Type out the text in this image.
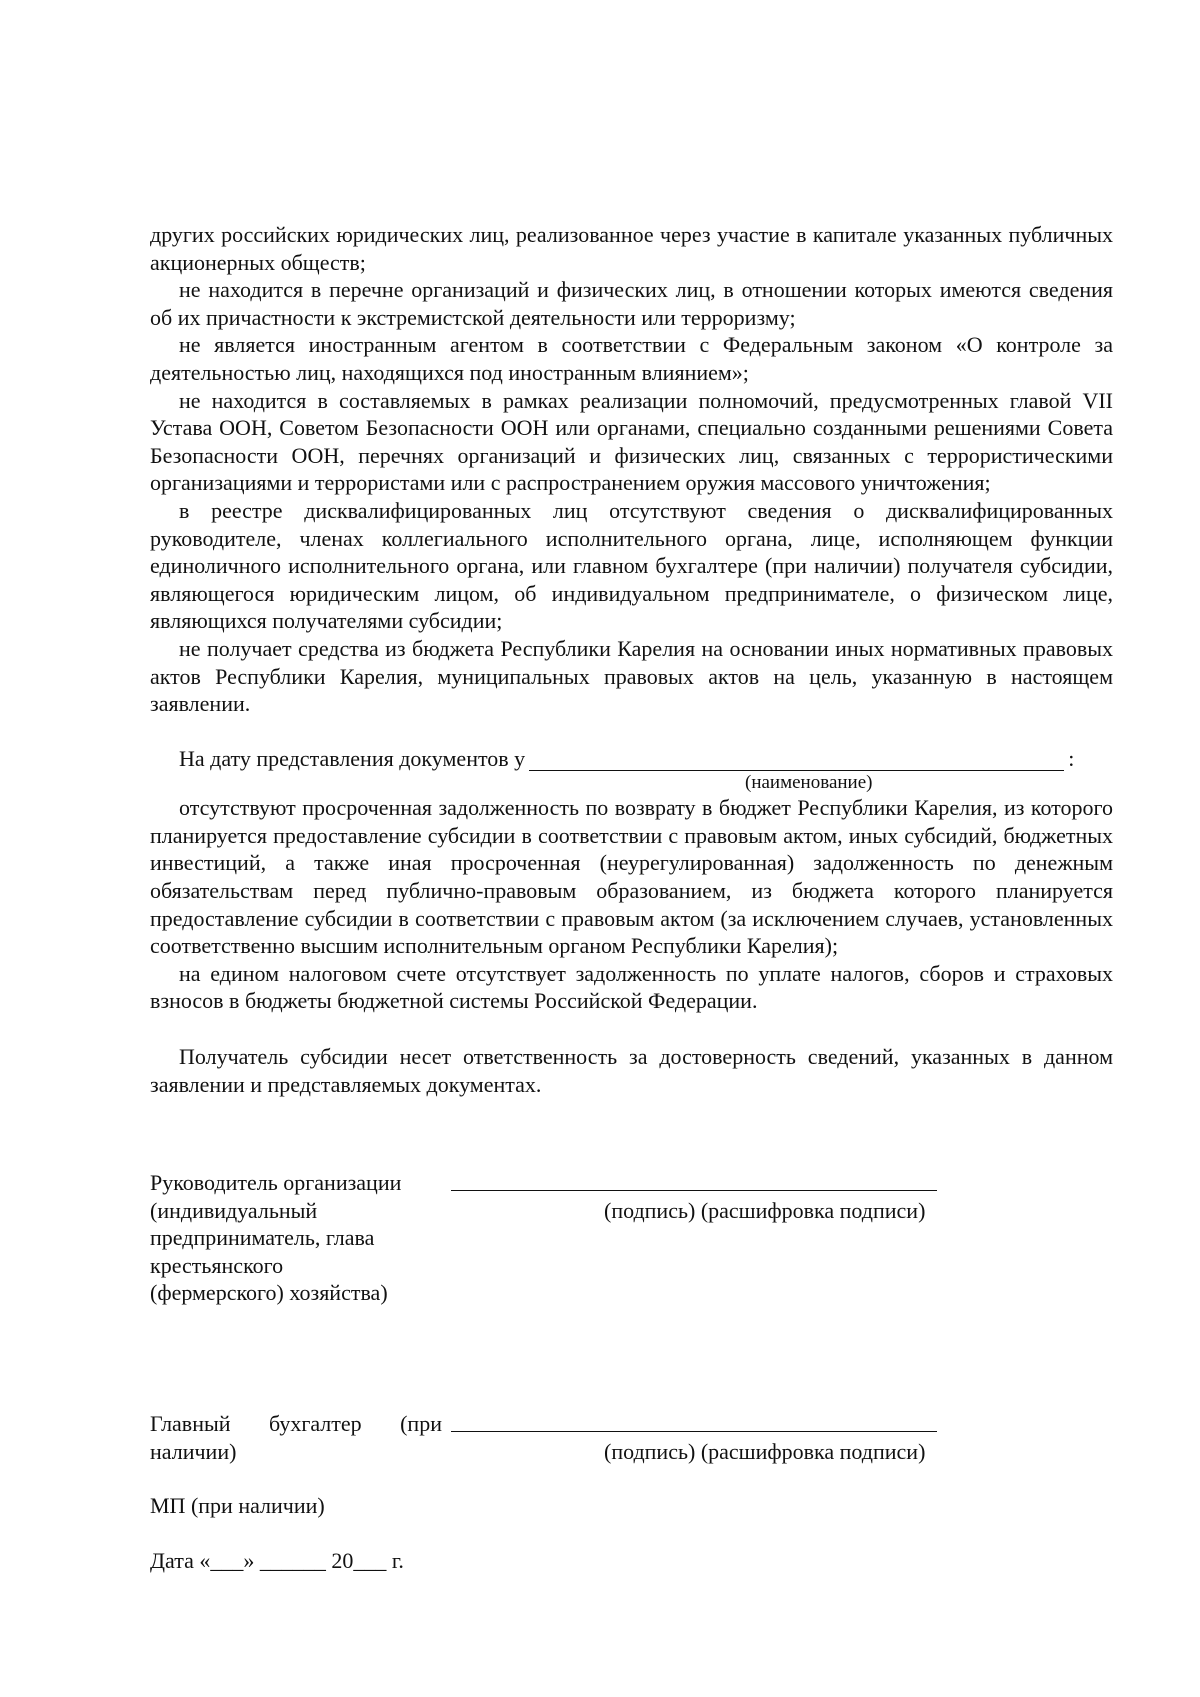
других российских юридических лиц, реализованное через участие в капитале указанных публичных акционерных обществ;

не находится в перечне организаций и физических лиц, в отношении которых имеются сведения об их причастности к экстремистской деятельности или терроризму;

не является иностранным агентом в соответствии с Федеральным законом «О контроле за деятельностью лиц, находящихся под иностранным влиянием»;

не находится в составляемых в рамках реализации полномочий, предусмотренных главой VII Устава ООН, Советом Безопасности ООН или органами, специально созданными решениями Совета Безопасности ООН, перечнях организаций и физических лиц, связанных с террористическими организациями и террористами или с распространением оружия массового уничтожения;

в реестре дисквалифицированных лиц отсутствуют сведения о дисквалифицированных руководителе, членах коллегиального исполнительного органа, лице, исполняющем функции единоличного исполнительного органа, или главном бухгалтере (при наличии) получателя субсидии, являющегося юридическим лицом, об индивидуальном предпринимателе, о физическом лице, являющихся получателями субсидии;

не получает средства из бюджета Республики Карелия на основании иных нормативных правовых актов Республики Карелия, муниципальных правовых актов на цель, указанную в настоящем заявлении.

На дату представления документов у	:

(наименование)

отсутствуют просроченная задолженность по возврату в бюджет Республики Карелия, из которого планируется предоставление субсидии в соответствии с правовым актом, иных субсидий, бюджетных инвестиций, а также иная просроченная (неурегулированная) задолженность по денежным обязательствам перед публично-правовым образованием, из бюджета которого планируется предоставление субсидии в соответствии с правовым актом (за исключением случаев, установленных соответственно высшим исполнительным органом Республики Карелия);

на едином налоговом счете отсутствует задолженность по уплате налогов, сборов и страховых взносов в бюджеты бюджетной системы Российской Федерации.

Получатель субсидии несет ответственность за достоверность сведений, указанных в данном заявлении и представляемых документах.

Руководитель организации
(индивидуальный
предприниматель, глава
крестьянского
(фермерского) хозяйства)
(подпись) (расшифровка подписи)
Главный бухгалтер (при
наличии)	(подпись) (расшифровка подписи)
МП (при наличии)
Дата «___» ______ 20___ г.
